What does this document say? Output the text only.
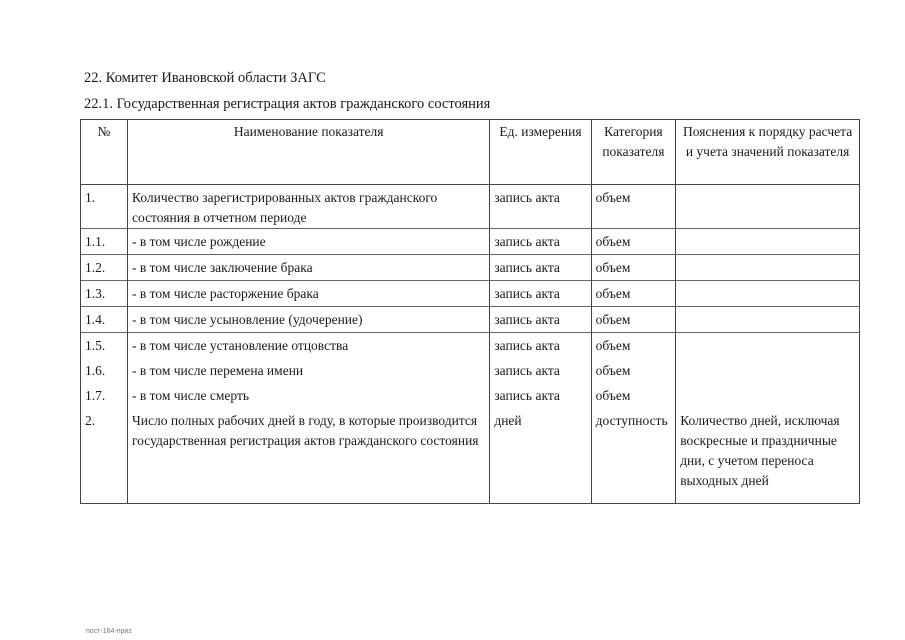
22. Комитет Ивановской области ЗАГС
22.1. Государственная регистрация актов гражданского состояния
№	Наименование показателя	Ед. измерения	Категория показателя	Пояснения к порядку расчета и учета значений показателя
1.	Количество зарегистрированных актов гражданского состояния в отчетном периоде	запись акта	объем	
1.1.	- в том числе рождение	запись акта	объем	
1.2.	- в том числе заключение брака	запись акта	объем	
1.3.	- в том числе расторжение брака	запись акта	объем	
1.4.	- в том числе усыновление (удочерение)	запись акта	объем	
1.5.	- в том числе установление отцовства	запись акта	объем	
1.6.	- в том числе перемена имени	запись акта	объем	
1.7.	- в том числе смерть	запись акта	объем	
2.	Число полных рабочих дней в году, в которые производится государственная регистрация актов гражданского состояния	дней	доступность	Количество дней, исключая воскресные и праздничные дни, с учетом переноса выходных дней
пост-164-приz
